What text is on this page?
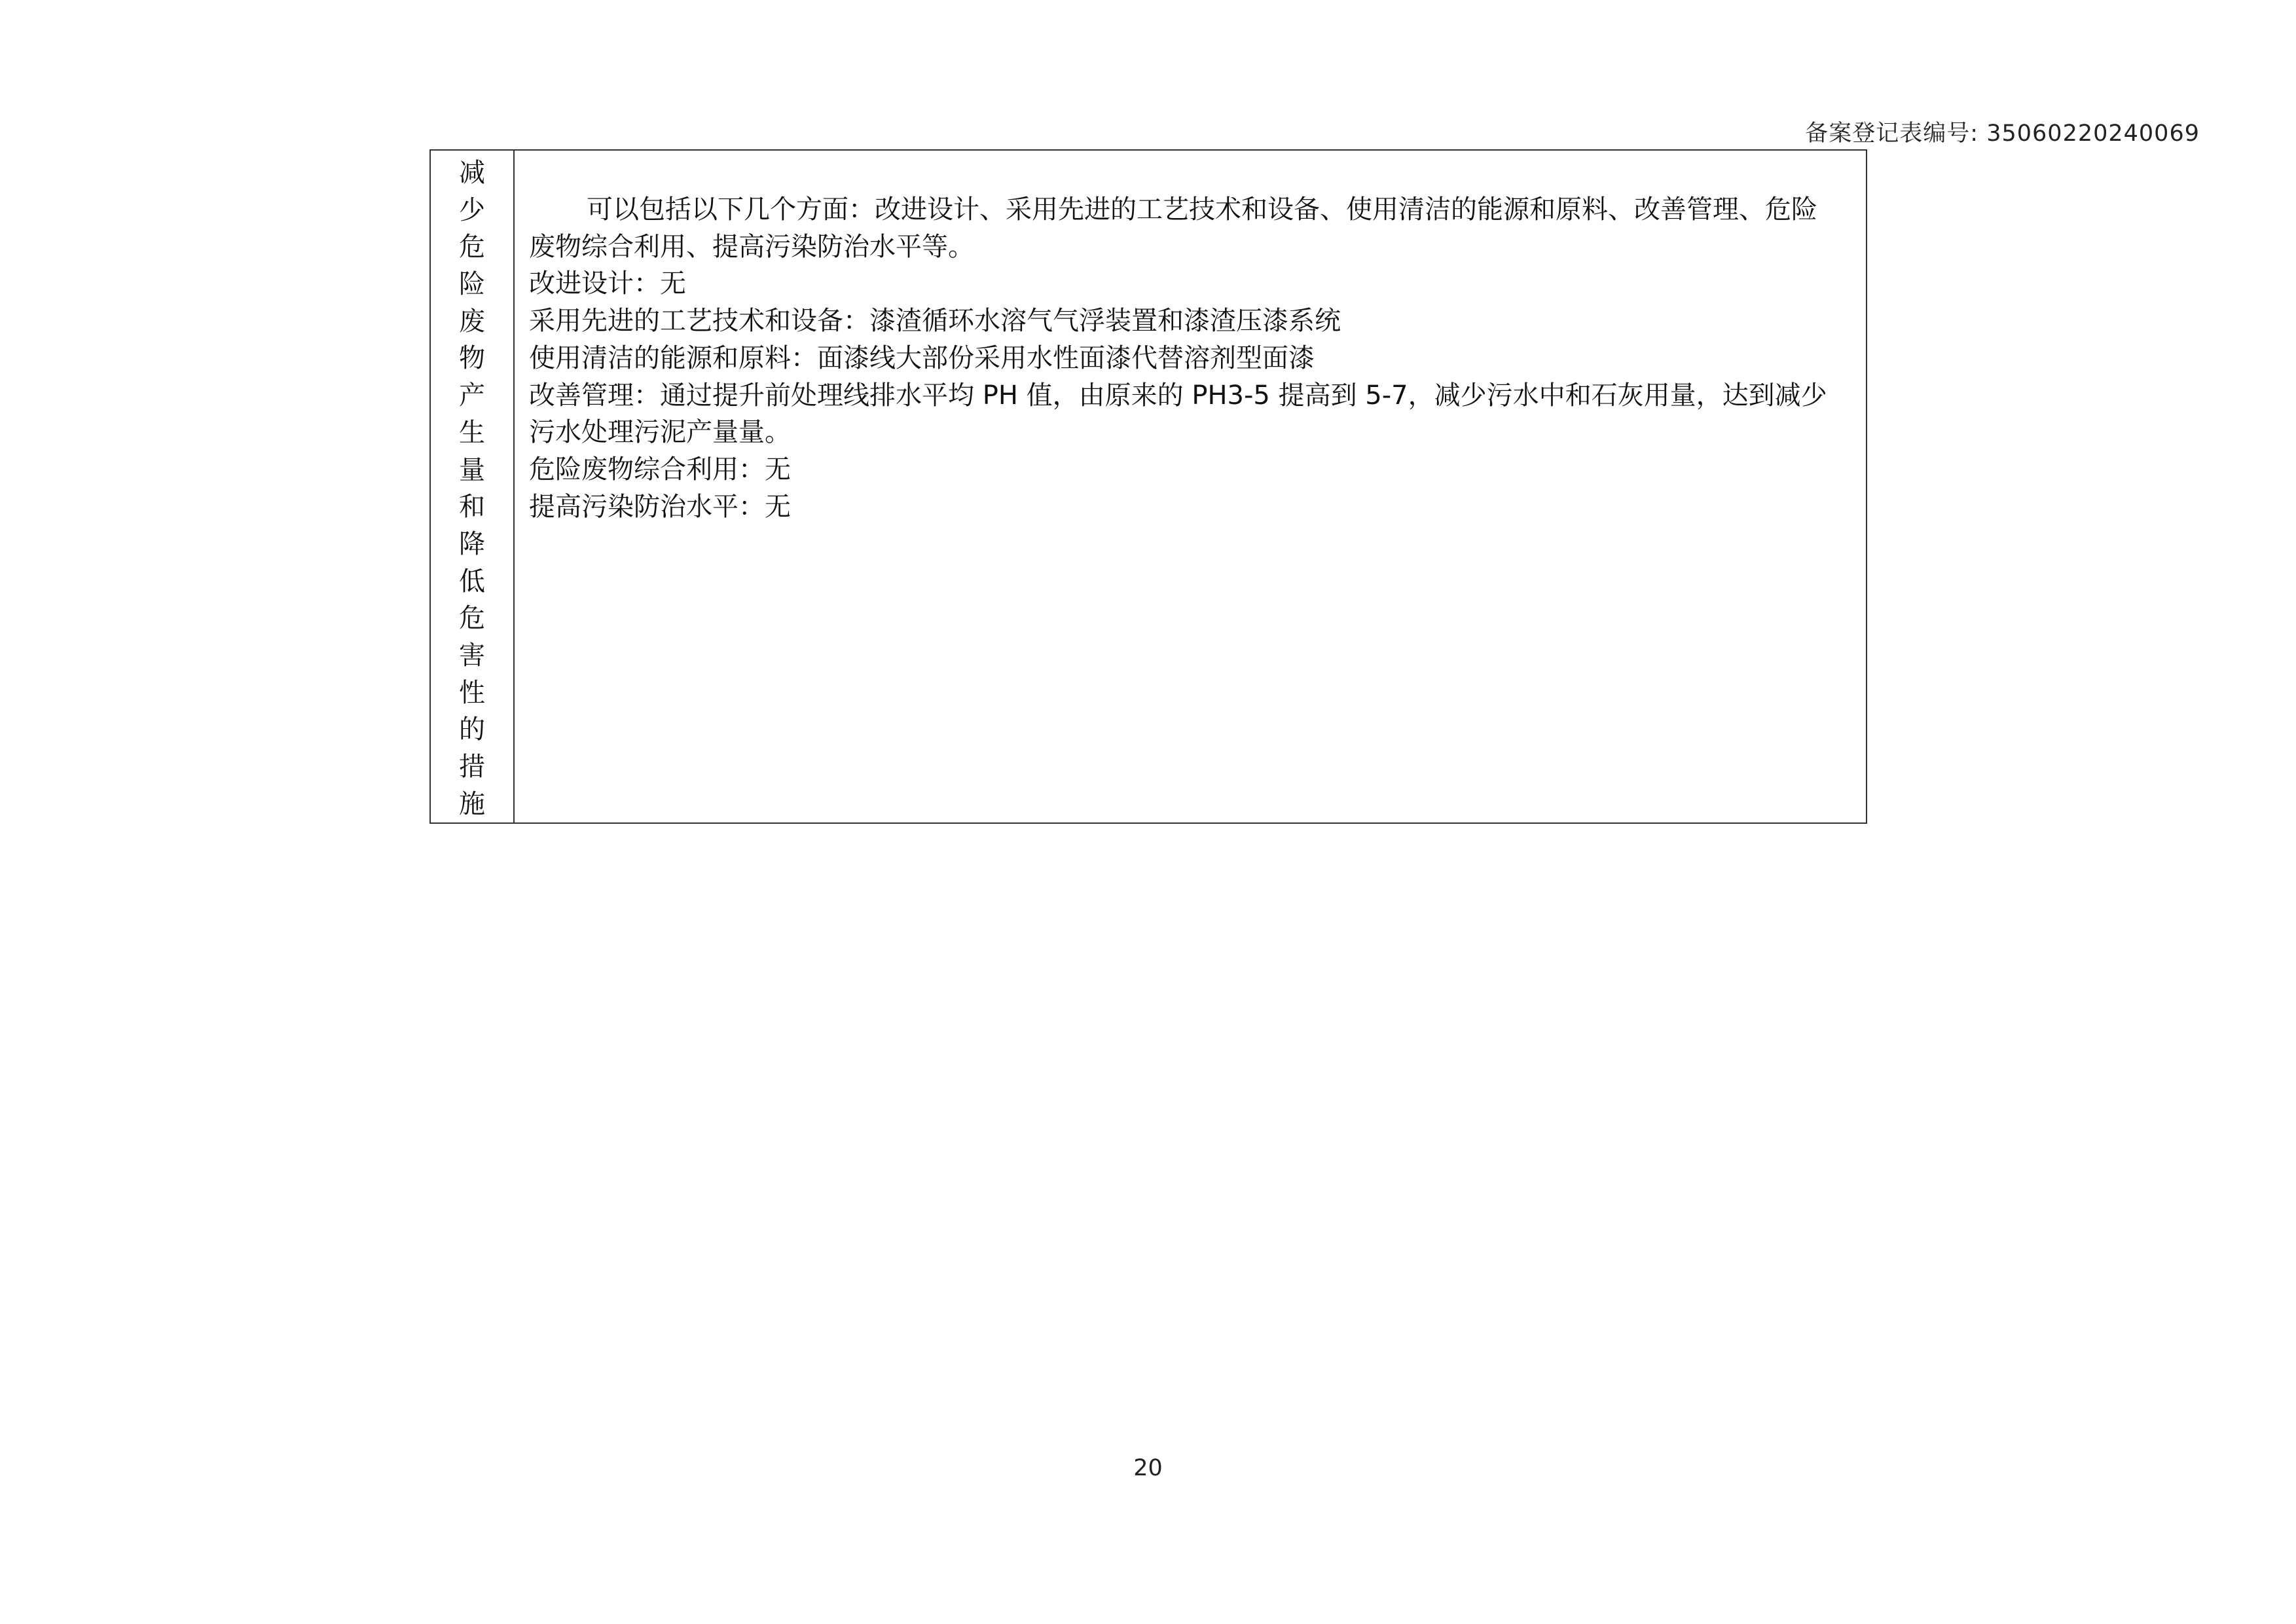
备案登记表编号: 35060220240069
减
少
危
险
废
物
产
生
量
和
降
低
危
害
性
的
措
施

可以包括以下几个方面：改进设计、采用先进的工艺技术和设备、使用清洁的能源和原料、改善管理、危险废物综合利用、提高污染防治水平等。

改进设计：无

采用先进的工艺技术和设备：漆渣循环水溶气气浮装置和漆渣压漆系统

使用清洁的能源和原料：面漆线大部份采用水性面漆代替溶剂型面漆

改善管理：通过提升前处理线排水平均 PH 值，由原来的 PH3-5 提高到 5-7，减少污水中和石灰用量，达到减少污水处理污泥产量量。

危险废物综合利用：无

提高污染防治水平：无

20
